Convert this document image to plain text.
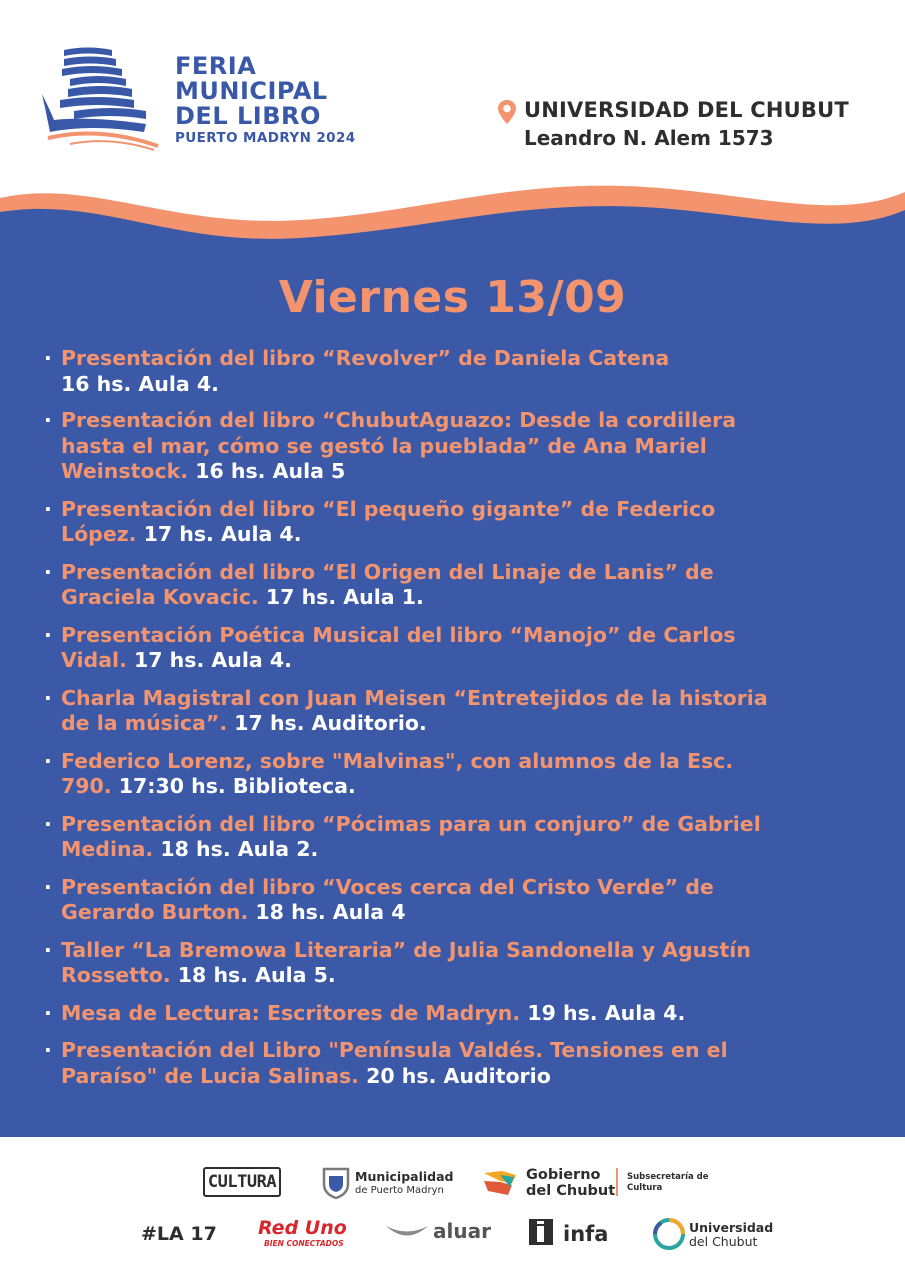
FERIA
MUNICIPAL
DEL LIBRO
PUERTO MADRYN 2024
UNIVERSIDAD DEL CHUBUT
Leandro N. Alem 1573
Viernes 13/09
· Presentación del libro “Revolver” de Daniela Catena
16 hs. Aula 4.
· Presentación del libro “ChubutAguazo: Desde la cordillera hasta el mar, cómo se gestó la pueblada” de Ana Mariel Weinstock. 16 hs. Aula 5
· Presentación del libro “El pequeño gigante” de Federico López. 17 hs. Aula 4.
· Presentación del libro “El Origen del Linaje de Lanis” de Graciela Kovacic. 17 hs. Aula 1.
· Presentación Poética Musical del libro “Manojo” de Carlos Vidal. 17 hs. Aula 4.
· Charla Magistral con Juan Meisen “Entretejidos de la historia de la música”. 17 hs. Auditorio.
· Federico Lorenz, sobre "Malvinas", con alumnos de la Esc. 790. 17:30 hs. Biblioteca.
· Presentación del libro “Pócimas para un conjuro” de Gabriel Medina. 18 hs. Aula 2.
· Presentación del libro “Voces cerca del Cristo Verde” de Gerardo Burton. 18 hs. Aula 4
· Taller “La Bremowa Literaria” de Julia Sandonella y Agustín Rossetto. 18 hs. Aula 5.
· Mesa de Lectura: Escritores de Madryn. 19 hs. Aula 4.
· Presentación del Libro "Península Valdés. Tensiones en el Paraíso" de Lucia Salinas. 20 hs. Auditorio
CULTURA	Municipalidad
de Puerto Madryn
Gobierno
del Chubut
Subsecretaría de
Cultura
#LA 17 Red Uno
BIEN CONECTADOS
aluar	infa	Universidad
del Chubut
